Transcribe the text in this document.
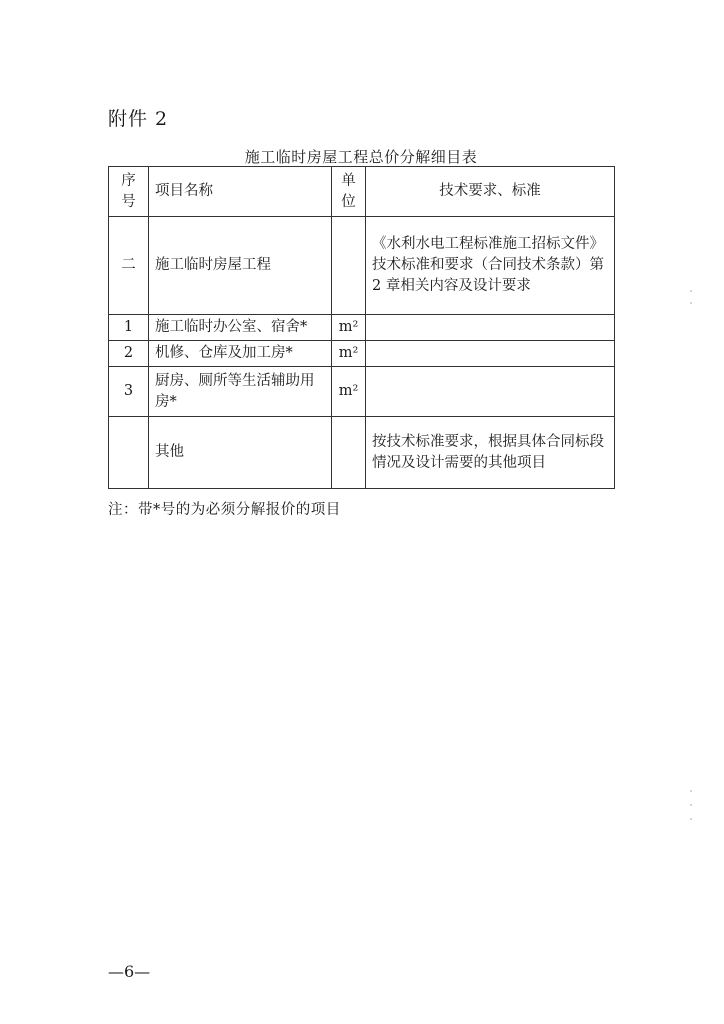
附件 2
施工临时房屋工程总价分解细目表
序号	项目名称	单位	技术要求、标准
二	施工临时房屋工程		《水利水电工程标准施工招标文件》技术标准和要求（合同技术条款）第 2 章相关内容及设计要求
1	施工临时办公室、宿舍*	m²	
2	机修、仓库及加工房*	m²	
3	厨房、厕所等生活辅助用房*	m²	
	其他		按技术标准要求，根据具体合同标段情况及设计需要的其他项目
注：带*号的为必须分解报价的项目
—6—
